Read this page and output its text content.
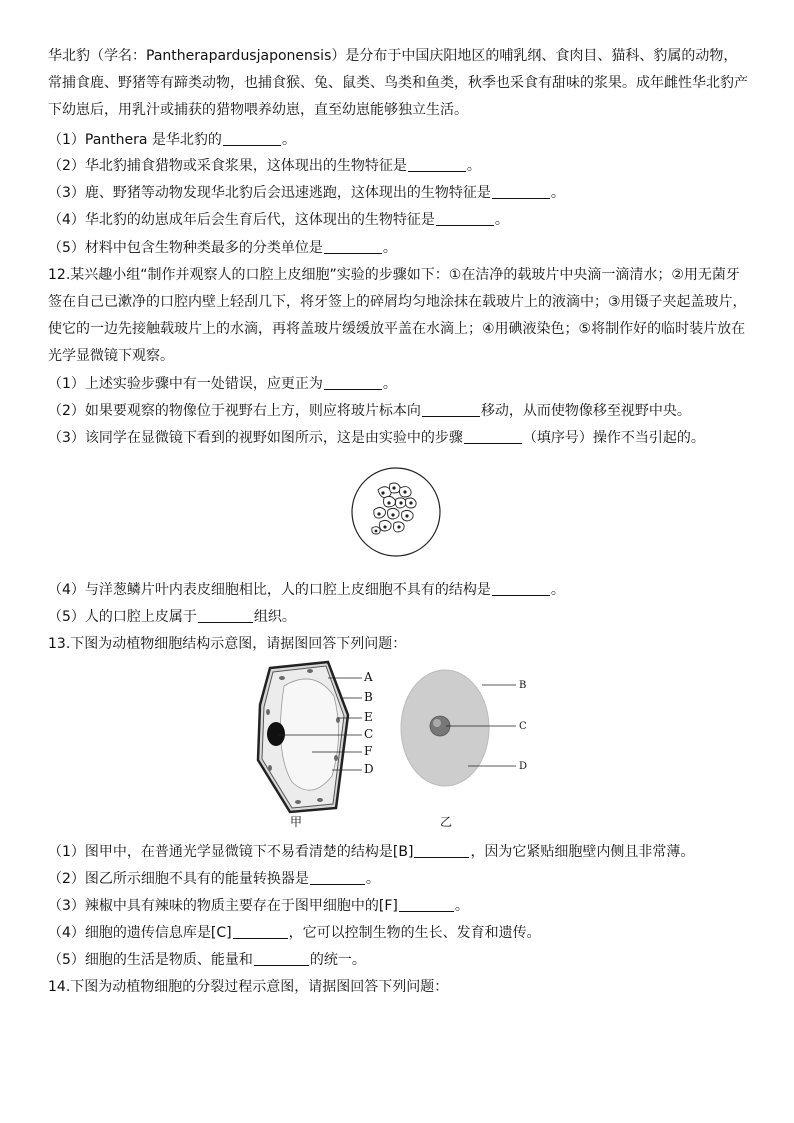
华北豹（学名：Pantherapardusjaponensis）是分布于中国庆阳地区的哺乳纲、食肉目、猫科、豹属的动物，常捕食鹿、野猪等有蹄类动物，也捕食猴、兔、鼠类、鸟类和鱼类，秋季也采食有甜味的浆果。成年雌性华北豹产下幼崽后，用乳汁或捕获的猎物喂养幼崽，直至幼崽能够独立生活。

（1）Panthera 是华北豹的	。
（2）华北豹捕食猎物或采食浆果，这体现出的生物特征是	。
（3）鹿、野猪等动物发现华北豹后会迅速逃跑，这体现出的生物特征是	。
（4）华北豹的幼崽成年后会生育后代，这体现出的生物特征是	。
（5）材料中包含生物种类最多的分类单位是	。

12.某兴趣小组“制作并观察人的口腔上皮细胞”实验的步骤如下：①在洁净的载玻片中央滴一滴清水；②用无菌牙签在自己已漱净的口腔内壁上轻刮几下，将牙签上的碎屑均匀地涂抹在载玻片上的液滴中；③用镊子夹起盖玻片，使它的一边先接触载玻片上的水滴，再将盖玻片缓缓放平盖在水滴上；④用碘液染色；⑤将制作好的临时装片放在光学显微镜下观察。

（1）上述实验步骤中有一处错误，应更正为	。
（2）如果要观察的物像位于视野右上方，则应将玻片标本向	移动，从而使物像移至视野中央。
（3）该同学在显微镜下看到的视野如图所示，这是由实验中的步骤	（填序号）操作不当引起的。
（4）与洋葱鳞片叶内表皮细胞相比，人的口腔上皮细胞不具有的结构是	。
（5）人的口腔上皮属于	组织。
13.下图为动植物细胞结构示意图，请据图回答下列问题：
A
B
E
C
F
D
甲
B
C
D
乙
（1）图甲中，在普通光学显微镜下不易看清楚的结构是[B]	，因为它紧贴细胞壁内侧且非常薄。
（2）图乙所示细胞不具有的能量转换器是	。
（3）辣椒中具有辣味的物质主要存在于图甲细胞中的[F]	。
（4）细胞的遗传信息库是[C]	，它可以控制生物的生长、发育和遗传。
（5）细胞的生活是物质、能量和	的统一。
14.下图为动植物细胞的分裂过程示意图，请据图回答下列问题：
